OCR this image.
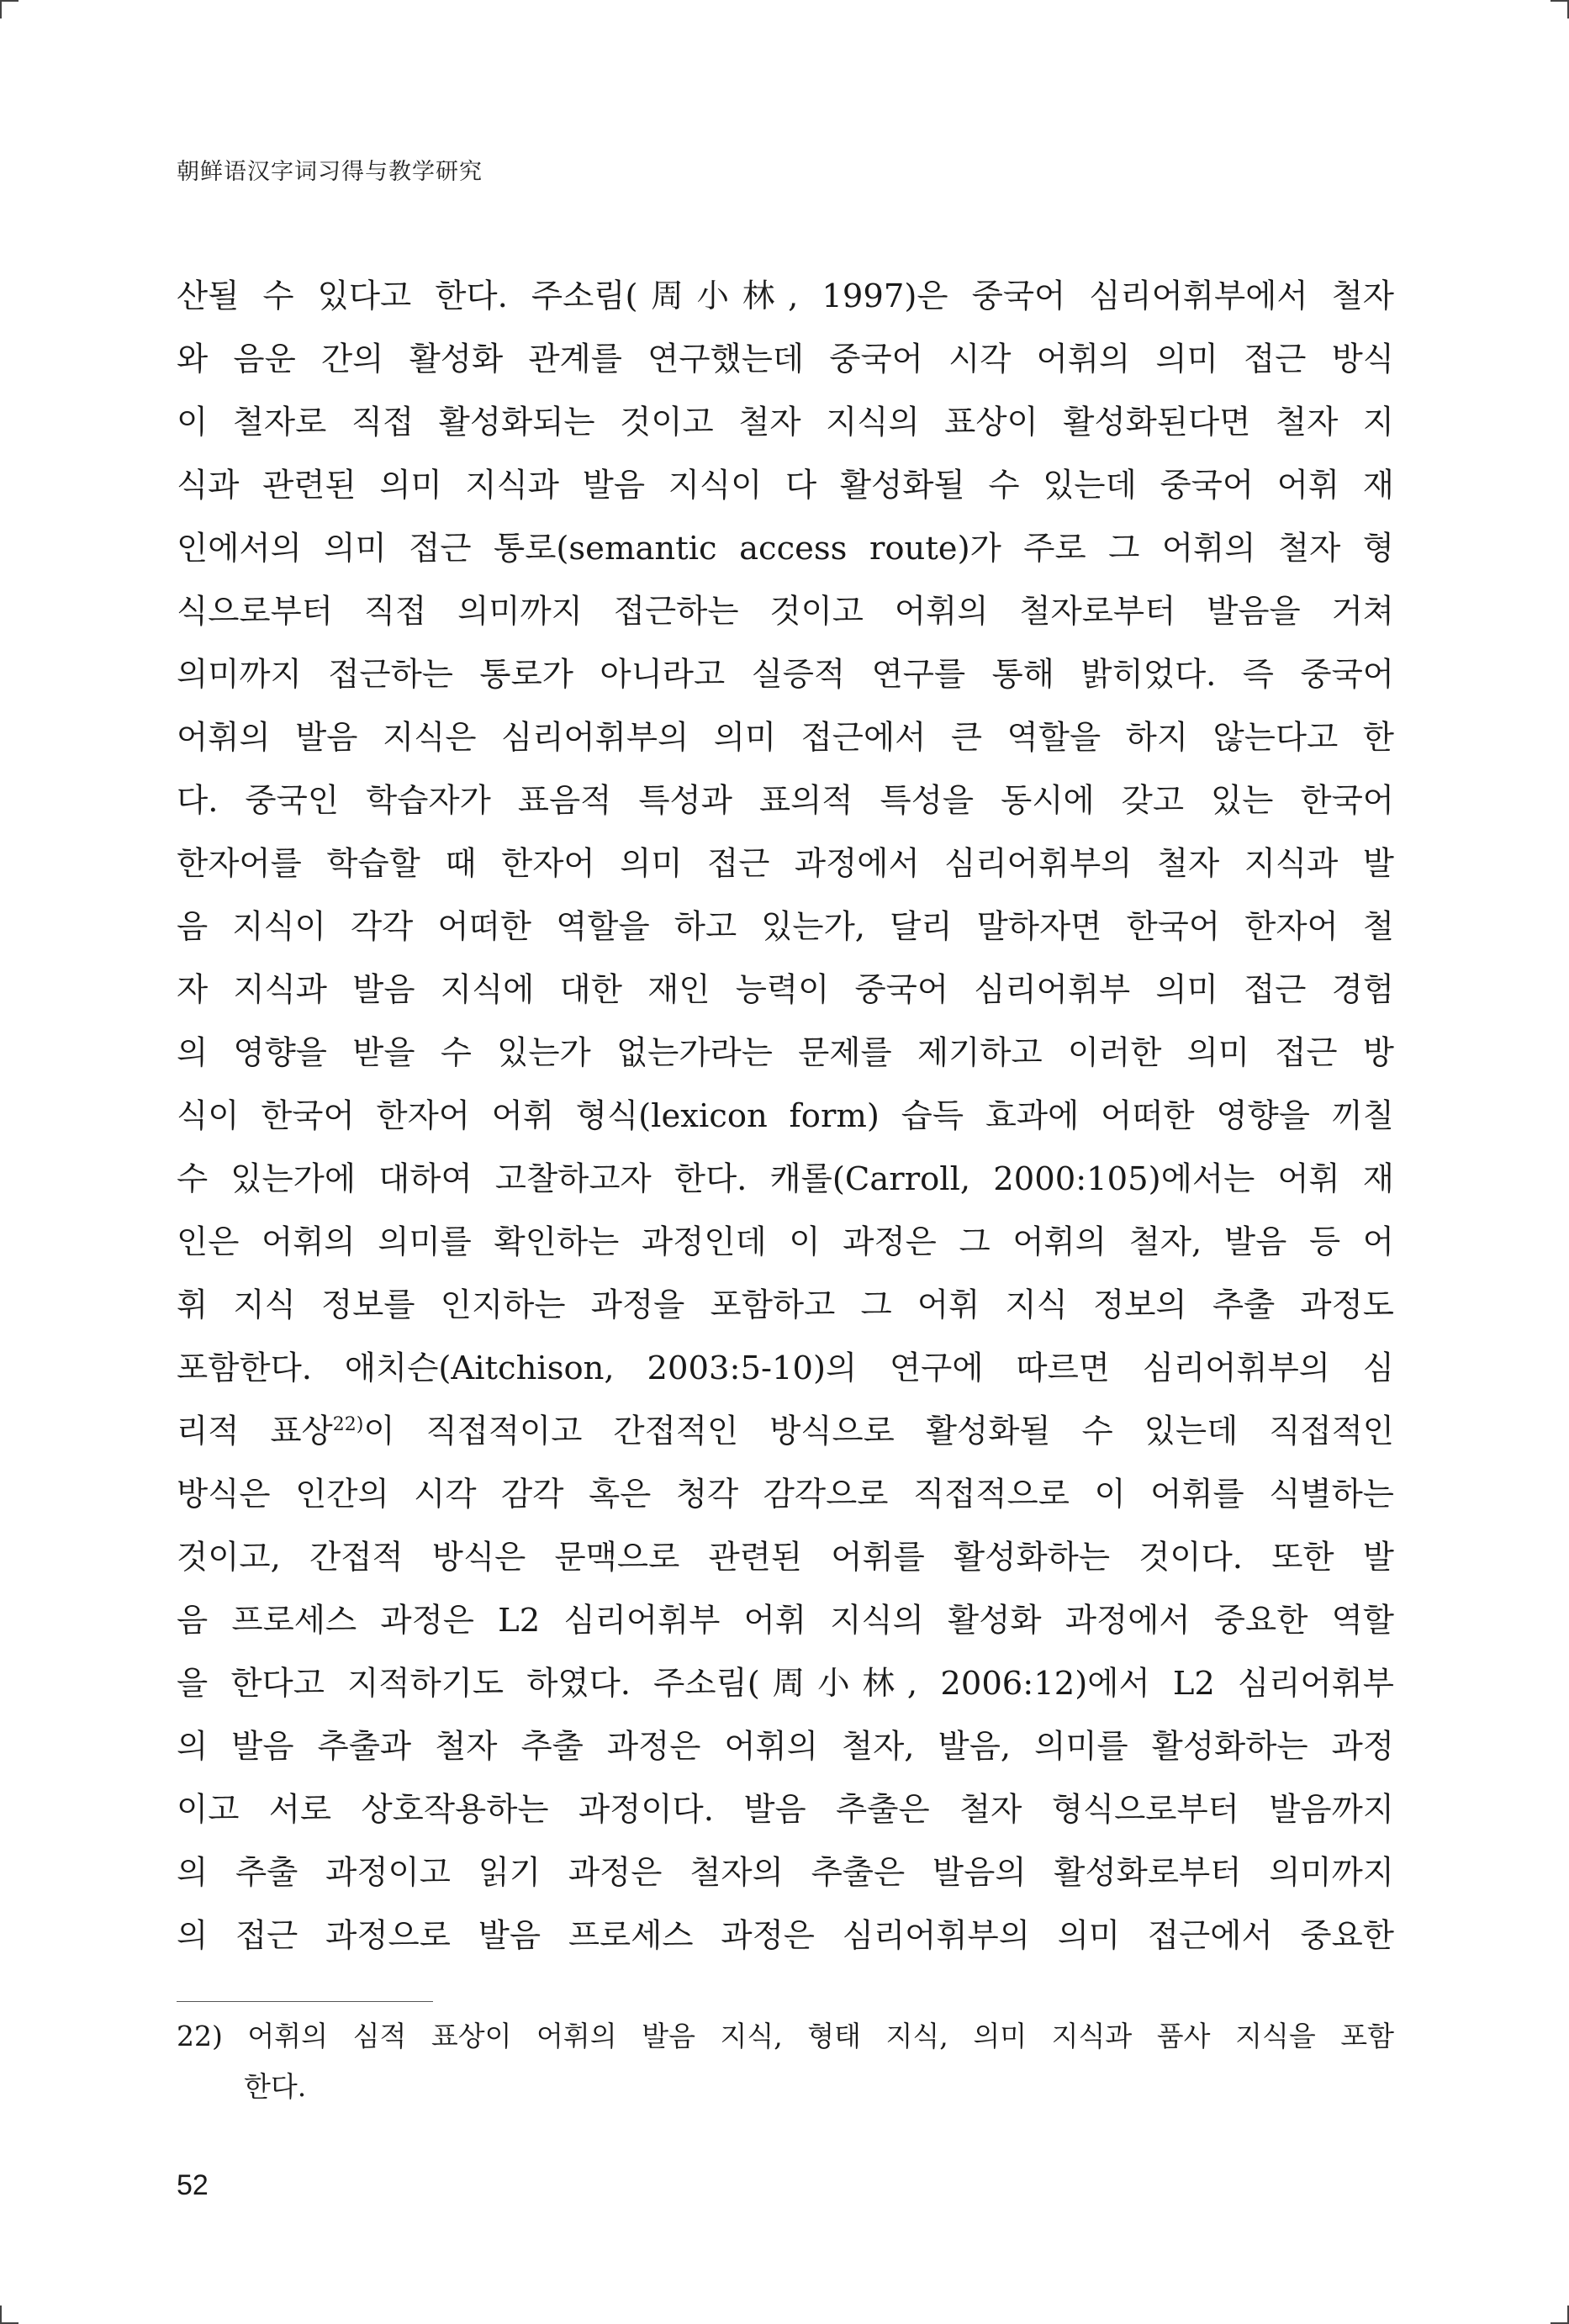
朝鲜语汉字词习得与教学研究
산될 수 있다고 한다. 주소림(周小林, 1997)은 중국어 심리어휘부에서 철자
와 음운 간의 활성화 관계를 연구했는데 중국어 시각 어휘의 의미 접근 방식
이 철자로 직접 활성화되는 것이고 철자 지식의 표상이 활성화된다면 철자 지
식과 관련된 의미 지식과 발음 지식이 다 활성화될 수 있는데 중국어 어휘 재
인에서의 의미 접근 통로(semantic access route)가 주로 그 어휘의 철자 형
식으로부터 직접 의미까지 접근하는 것이고 어휘의 철자로부터 발음을 거쳐
의미까지 접근하는 통로가 아니라고 실증적 연구를 통해 밝히었다. 즉 중국어
어휘의 발음 지식은 심리어휘부의 의미 접근에서 큰 역할을 하지 않는다고 한
다. 중국인 학습자가 표음적 특성과 표의적 특성을 동시에 갖고 있는 한국어
한자어를 학습할 때 한자어 의미 접근 과정에서 심리어휘부의 철자 지식과 발
음 지식이 각각 어떠한 역할을 하고 있는가, 달리 말하자면 한국어 한자어 철
자 지식과 발음 지식에 대한 재인 능력이 중국어 심리어휘부 의미 접근 경험
의 영향을 받을 수 있는가 없는가라는 문제를 제기하고 이러한 의미 접근 방
식이 한국어 한자어 어휘 형식(lexicon form) 습득 효과에 어떠한 영향을 끼칠
수 있는가에 대하여 고찰하고자 한다. 캐롤(Carroll, 2000:105)에서는 어휘 재
인은 어휘의 의미를 확인하는 과정인데 이 과정은 그 어휘의 철자, 발음 등 어
휘 지식 정보를 인지하는 과정을 포함하고 그 어휘 지식 정보의 추출 과정도
포함한다. 애치슨(Aitchison, 2003:5-10)의 연구에 따르면 심리어휘부의 심
리적 표상$^{22)}$이 직접적이고 간접적인 방식으로 활성화될 수 있는데 직접적인
방식은 인간의 시각 감각 혹은 청각 감각으로 직접적으로 이 어휘를 식별하는
것이고, 간접적 방식은 문맥으로 관련된 어휘를 활성화하는 것이다. 또한 발
음 프로세스 과정은 L2 심리어휘부 어휘 지식의 활성화 과정에서 중요한 역할
을 한다고 지적하기도 하였다. 주소림(周小林, 2006:12)에서 L2 심리어휘부
의 발음 추출과 철자 추출 과정은 어휘의 철자, 발음, 의미를 활성화하는 과정
이고 서로 상호작용하는 과정이다. 발음 추출은 철자 형식으로부터 발음까지
의 추출 과정이고 읽기 과정은 철자의 추출은 발음의 활성화로부터 의미까지
의 접근 과정으로 발음 프로세스 과정은 심리어휘부의 의미 접근에서 중요한
22) 어휘의 심적 표상이 어휘의 발음 지식, 형태 지식, 의미 지식과 품사 지식을 포함
한다.
52
